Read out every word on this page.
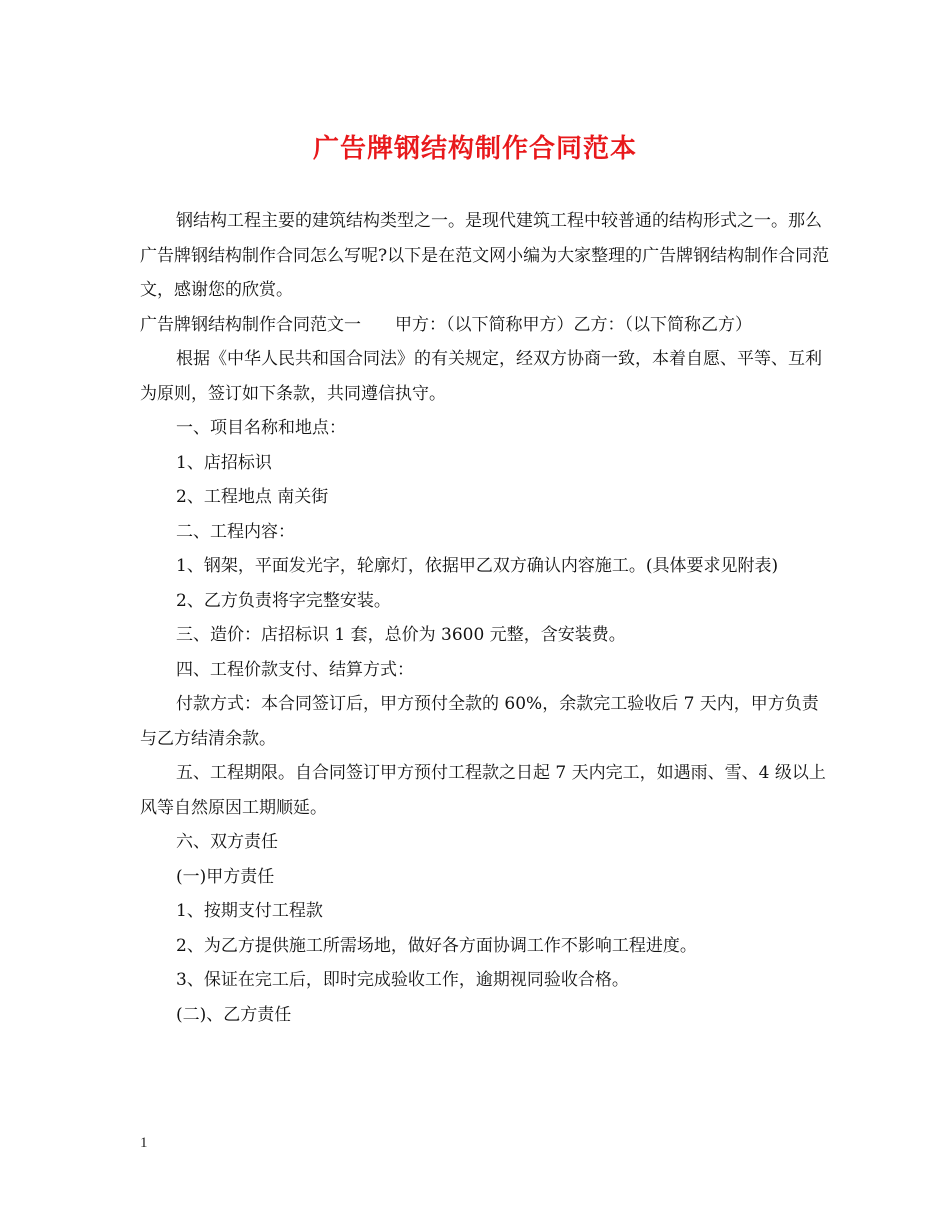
广告牌钢结构制作合同范本

钢结构工程主要的建筑结构类型之一。是现代建筑工程中较普通的结构形式之一。那么广告牌钢结构制作合同怎么写呢?以下是在范文网小编为大家整理的广告牌钢结构制作合同范文，感谢您的欣赏。

广告牌钢结构制作合同范文一　　甲方：（以下简称甲方）乙方：（以下简称乙方）

根据《中华人民共和国合同法》的有关规定，经双方协商一致，本着自愿、平等、互利为原则，签订如下条款，共同遵信执守。

一、项目名称和地点：

1、店招标识

2、工程地点 南关街

二、工程内容：

1、钢架，平面发光字，轮廓灯，依据甲乙双方确认内容施工。(具体要求见附表)

2、乙方负责将字完整安装。

三、造价：店招标识 1 套，总价为 3600 元整，含安装费。

四、工程价款支付、结算方式：

付款方式：本合同签订后，甲方预付全款的 60%，余款完工验收后 7 天内，甲方负责与乙方结清余款。

五、工程期限。自合同签订甲方预付工程款之日起 7 天内完工，如遇雨、雪、4 级以上风等自然原因工期顺延。

六、双方责任

(一)甲方责任

1、按期支付工程款

2、为乙方提供施工所需场地，做好各方面协调工作不影响工程进度。

3、保证在完工后，即时完成验收工作，逾期视同验收合格。

(二)、乙方责任

1
